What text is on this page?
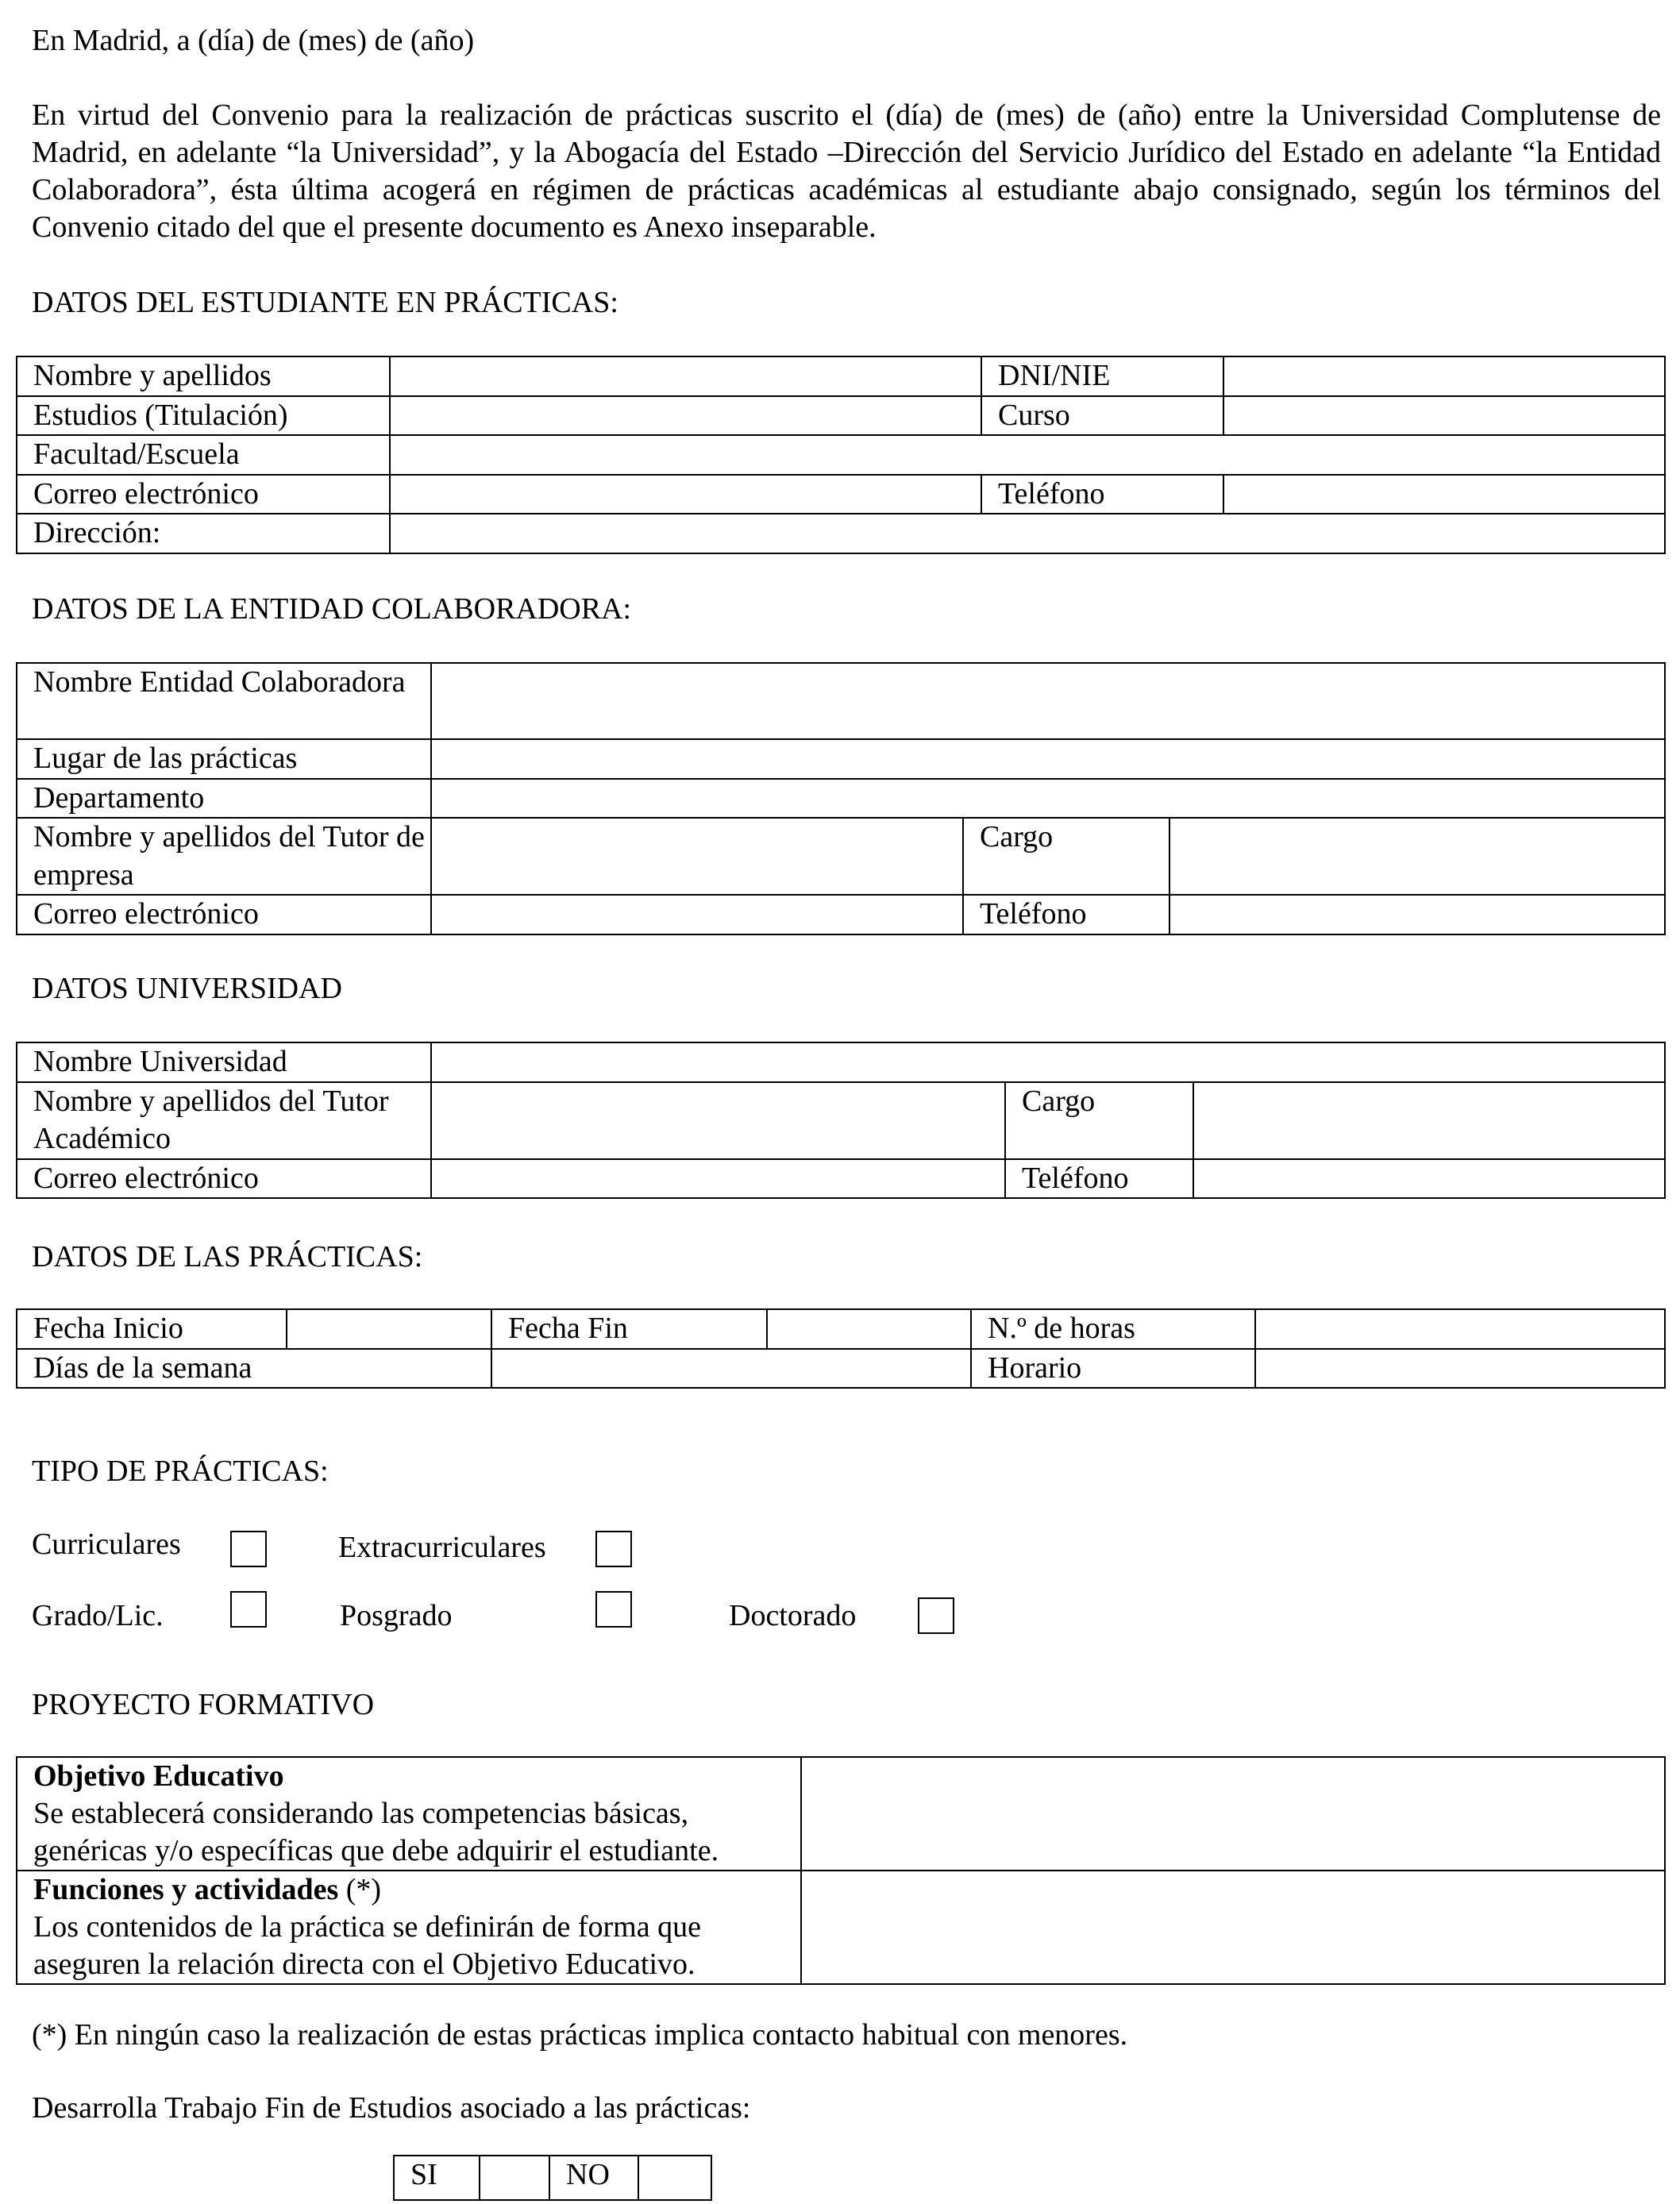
En Madrid, a (día) de (mes) de (año)

En virtud del Convenio para la realización de prácticas suscrito el (día) de (mes) de (año) entre la Universidad Complutense de Madrid, en adelante “la Universidad”, y la Abogacía del Estado –Dirección del Servicio Jurídico del Estado en adelante “la Entidad Colaboradora”, ésta última acogerá en régimen de prácticas académicas al estudiante abajo consignado, según los términos del Convenio citado del que el presente documento es Anexo inseparable.

DATOS DEL ESTUDIANTE EN PRÁCTICAS:

Nombre y apellidos		DNI/NIE	
Estudios (Titulación)		Curso	
Facultad/Escuela			
Correo electrónico		Teléfono	
Dirección:			

DATOS DE LA ENTIDAD COLABORADORA:

Nombre Entidad Colaboradora			
Lugar de las prácticas			
Departamento			
Nombre y apellidos del Tutor de empresa		Cargo	
Correo electrónico		Teléfono	

DATOS UNIVERSIDAD

Nombre Universidad			
Nombre y apellidos del Tutor Académico		Cargo	
Correo electrónico		Teléfono	

DATOS DE LAS PRÁCTICAS:

Fecha Inicio		Fecha Fin		N.º de horas	
Días de la semana				Horario	

TIPO DE PRÁCTICAS:

Curriculares	Extracurriculares
Grado/Lic.	Posgrado	Doctorado

PROYECTO FORMATIVO

Objetivo Educativo
Se establecerá considerando las competencias básicas, genéricas y/o específicas que debe adquirir el estudiante.	

Funciones y actividades (*)
Los contenidos de la práctica se definirán de forma que aseguren la relación directa con el Objetivo Educativo.	

(*) En ningún caso la realización de estas prácticas implica contacto habitual con menores.

Desarrolla Trabajo Fin de Estudios asociado a las prácticas:

SI		NO	
